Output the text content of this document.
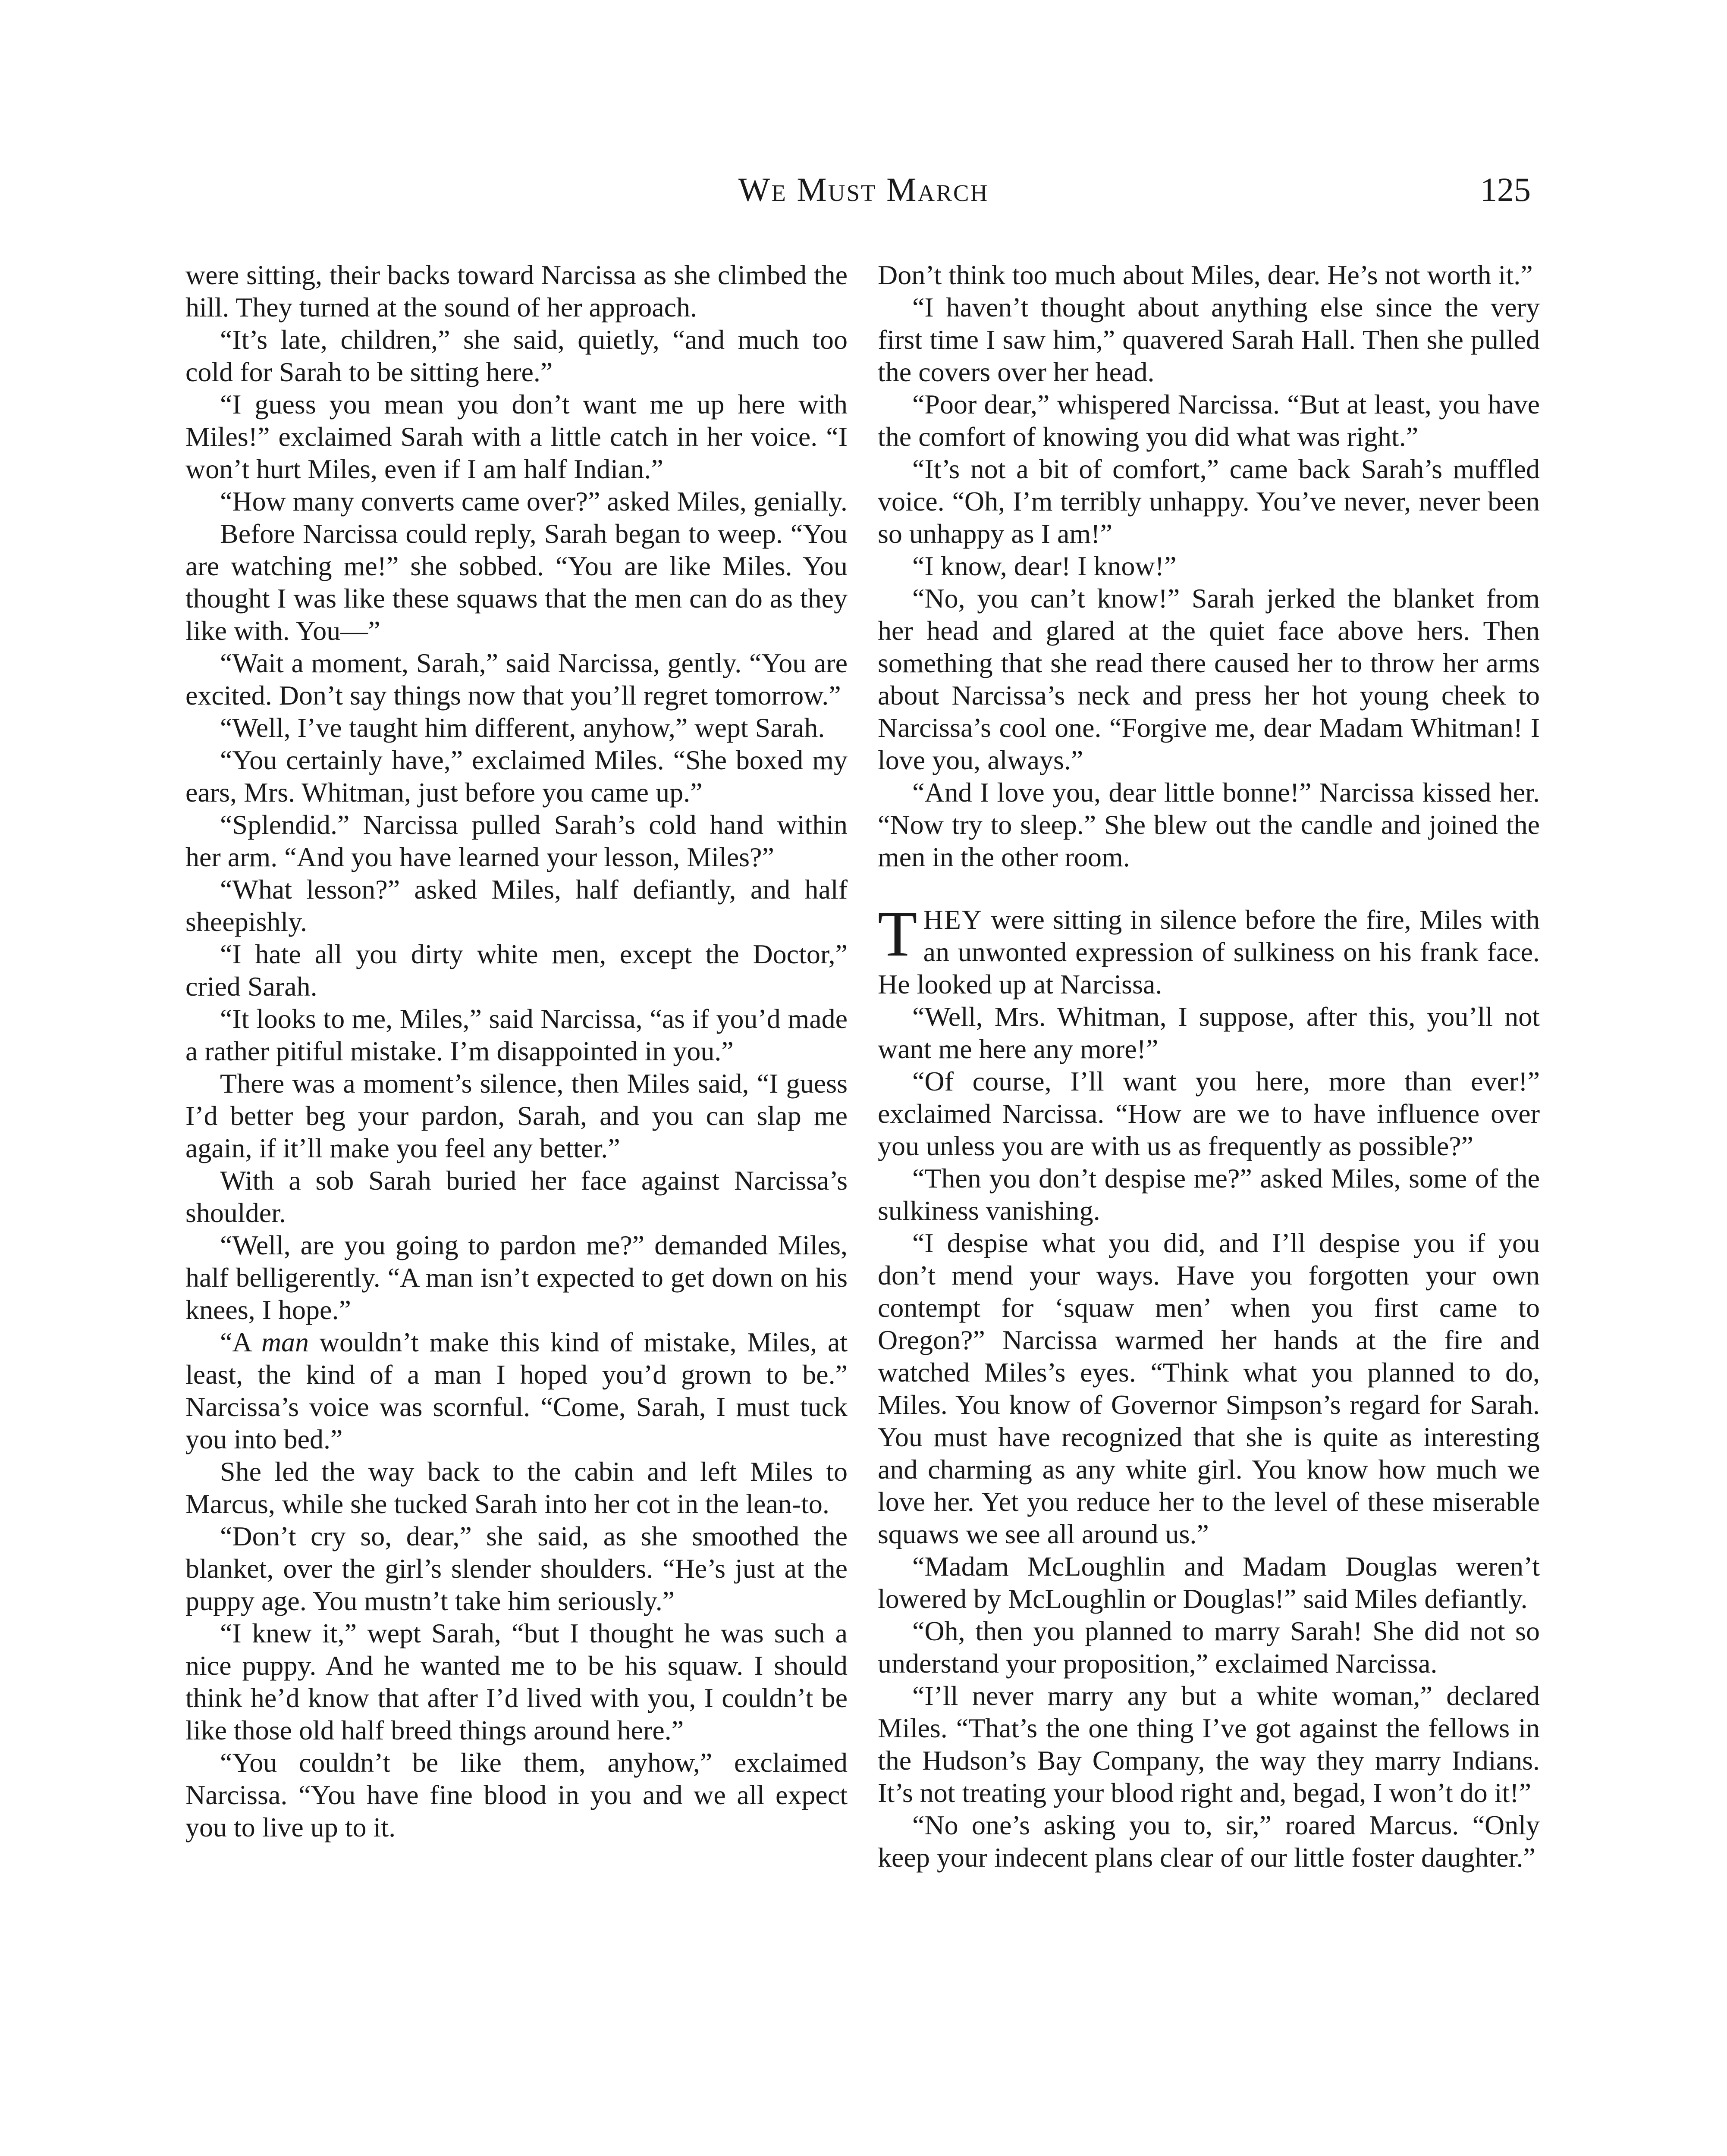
We Must March	125

were sitting, their backs toward Narcissa as she climbed the hill. They turned at the sound of her approach.

“It’s late, children,” she said, quietly, “and much too cold for Sarah to be sitting here.”

“I guess you mean you don’t want me up here with Miles!” exclaimed Sarah with a little catch in her voice. “I won’t hurt Miles, even if I am half Indian.”

“How many converts came over?” asked Miles, genially.

Before Narcissa could reply, Sarah began to weep. “You are watching me!” she sobbed. “You are like Miles. You thought I was like these squaws that the men can do as they like with. You—”

“Wait a moment, Sarah,” said Narcissa, gently. “You are excited. Don’t say things now that you’ll regret tomorrow.”

“Well, I’ve taught him different, anyhow,” wept Sarah.

“You certainly have,” exclaimed Miles. “She boxed my ears, Mrs. Whitman, just before you came up.”

“Splendid.” Narcissa pulled Sarah’s cold hand within her arm. “And you have learned your lesson, Miles?”

“What lesson?” asked Miles, half defiantly, and half sheepishly.

“I hate all you dirty white men, except the Doctor,” cried Sarah.

“It looks to me, Miles,” said Narcissa, “as if you’d made a rather pitiful mistake. I’m disappointed in you.”

There was a moment’s silence, then Miles said, “I guess I’d better beg your pardon, Sarah, and you can slap me again, if it’ll make you feel any better.”

With a sob Sarah buried her face against Narcissa’s shoulder.

“Well, are you going to pardon me?” demanded Miles, half belligerently. “A man isn’t expected to get down on his knees, I hope.”

“A man wouldn’t make this kind of mistake, Miles, at least, the kind of a man I hoped you’d grown to be.” Narcissa’s voice was scornful. “Come, Sarah, I must tuck you into bed.”

She led the way back to the cabin and left Miles to Marcus, while she tucked Sarah into her cot in the lean-to.

“Don’t cry so, dear,” she said, as she smoothed the blanket, over the girl’s slender shoulders. “He’s just at the puppy age. You mustn’t take him seriously.”

“I knew it,” wept Sarah, “but I thought he was such a nice puppy. And he wanted me to be his squaw. I should think he’d know that after I’d lived with you, I couldn’t be like those old half breed things around here.”

“You couldn’t be like them, anyhow,” exclaimed Narcissa. “You have fine blood in you and we all expect you to live up to it.

Don’t think too much about Miles, dear. He’s not worth it.”

“I haven’t thought about anything else since the very first time I saw him,” quavered Sarah Hall. Then she pulled the covers over her head.

“Poor dear,” whispered Narcissa. “But at least, you have the comfort of knowing you did what was right.”

“It’s not a bit of comfort,” came back Sarah’s muffled voice. “Oh, I’m terribly unhappy. You’ve never, never been so unhappy as I am!”

“I know, dear! I know!”

“No, you can’t know!” Sarah jerked the blanket from her head and glared at the quiet face above hers. Then something that she read there caused her to throw her arms about Narcissa’s neck and press her hot young cheek to Narcissa’s cool one. “Forgive me, dear Madam Whitman! I love you, always.”

“And I love you, dear little bonne!” Narcissa kissed her. “Now try to sleep.” She blew out the candle and joined the men in the other room.

THEY were sitting in silence before the fire, Miles with an unwonted expression of sulkiness on his frank face. He looked up at Narcissa.

“Well, Mrs. Whitman, I suppose, after this, you’ll not want me here any more!”

“Of course, I’ll want you here, more than ever!” exclaimed Narcissa. “How are we to have influence over you unless you are with us as frequently as possible?”

“Then you don’t despise me?” asked Miles, some of the sulkiness vanishing.

“I despise what you did, and I’ll despise you if you don’t mend your ways. Have you forgotten your own contempt for ‘squaw men’ when you first came to Oregon?” Narcissa warmed her hands at the fire and watched Miles’s eyes. “Think what you planned to do, Miles. You know of Governor Simpson’s regard for Sarah. You must have recognized that she is quite as interesting and charming as any white girl. You know how much we love her. Yet you reduce her to the level of these miserable squaws we see all around us.”

“Madam McLoughlin and Madam Douglas weren’t lowered by McLoughlin or Douglas!” said Miles defiantly.

“Oh, then you planned to marry Sarah! She did not so understand your proposition,” exclaimed Narcissa.

“I’ll never marry any but a white woman,” declared Miles. “That’s the one thing I’ve got against the fellows in the Hudson’s Bay Company, the way they marry Indians. It’s not treating your blood right and, begad, I won’t do it!”

“No one’s asking you to, sir,” roared Marcus. “Only keep your indecent plans clear of our little foster daughter.”
